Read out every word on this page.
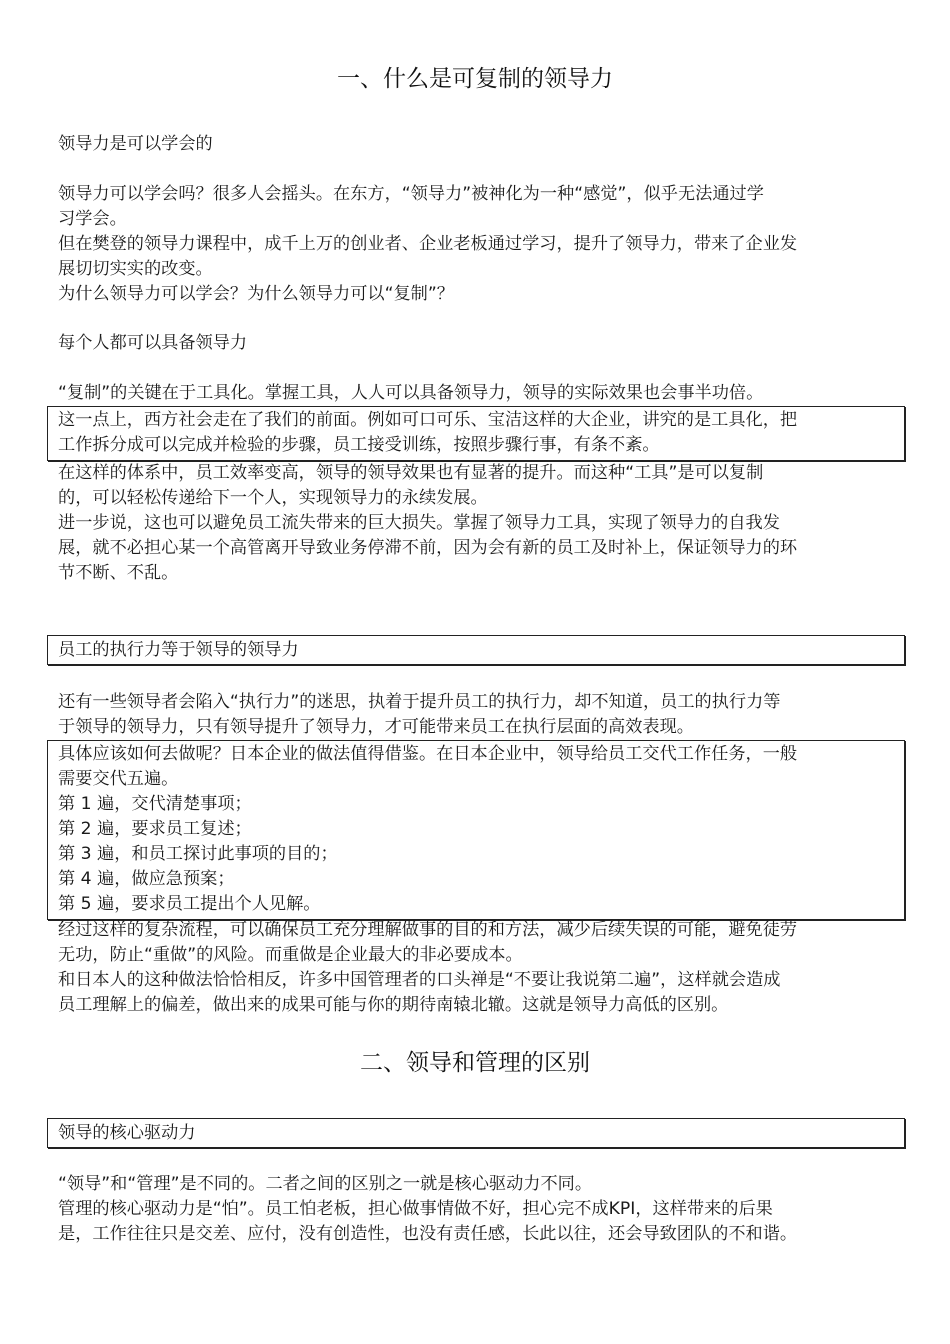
一、什么是可复制的领导力
领导力是可以学会的
领导力可以学会吗？很多人会摇头。在东方，“领导力”被神化为一种“感觉”，似乎无法通过学
习学会。
但在樊登的领导力课程中，成千上万的创业者、企业老板通过学习，提升了领导力，带来了企业发
展切切实实的改变。
为什么领导力可以学会？为什么领导力可以“复制”？
每个人都可以具备领导力
“复制”的关键在于工具化。掌握工具，人人可以具备领导力，领导的实际效果也会事半功倍。
这一点上，西方社会走在了我们的前面。例如可口可乐、宝洁这样的大企业，讲究的是工具化，把
工作拆分成可以完成并检验的步骤，员工接受训练，按照步骤行事，有条不紊。
在这样的体系中，员工效率变高，领导的领导效果也有显著的提升。而这种“工具”是可以复制
的，可以轻松传递给下一个人，实现领导力的永续发展。
进一步说，这也可以避免员工流失带来的巨大损失。掌握了领导力工具，实现了领导力的自我发
展，就不必担心某一个高管离开导致业务停滞不前，因为会有新的员工及时补上，保证领导力的环
节不断、不乱。
员工的执行力等于领导的领导力
还有一些领导者会陷入“执行力”的迷思，执着于提升员工的执行力，却不知道，员工的执行力等
于领导的领导力，只有领导提升了领导力，才可能带来员工在执行层面的高效表现。
具体应该如何去做呢？日本企业的做法值得借鉴。在日本企业中，领导给员工交代工作任务，一般
需要交代五遍。
第 1 遍，交代清楚事项；
第 2 遍，要求员工复述；
第 3 遍，和员工探讨此事项的目的；
第 4 遍，做应急预案；
第 5 遍，要求员工提出个人见解。
经过这样的复杂流程，可以确保员工充分理解做事的目的和方法，减少后续失误的可能，避免徒劳
无功，防止“重做”的风险。而重做是企业最大的非必要成本。
和日本人的这种做法恰恰相反，许多中国管理者的口头禅是“不要让我说第二遍”，这样就会造成
员工理解上的偏差，做出来的成果可能与你的期待南辕北辙。这就是领导力高低的区别。
二、领导和管理的区别
领导的核心驱动力
“领导”和“管理”是不同的。二者之间的区别之一就是核心驱动力不同。
管理的核心驱动力是“怕”。员工怕老板，担心做事情做不好，担心完不成KPI，这样带来的后果
是，工作往往只是交差、应付，没有创造性，也没有责任感，长此以往，还会导致团队的不和谐。
